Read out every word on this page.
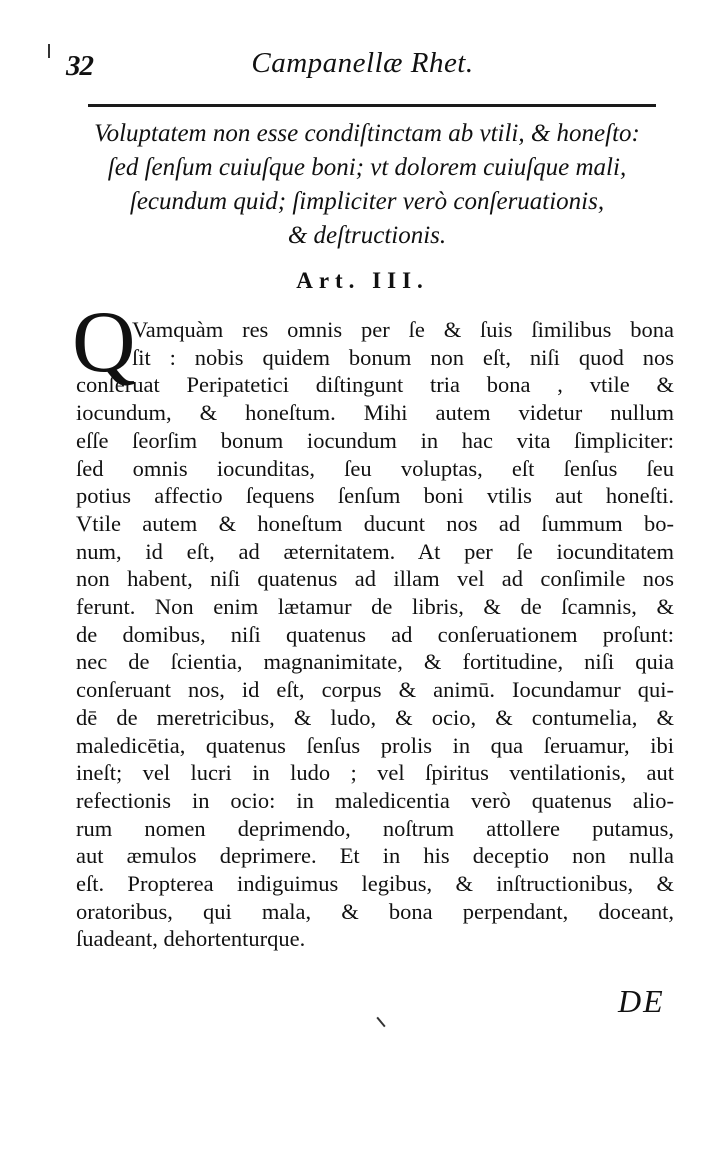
32	Campanellæ Rhet.
Voluptatem non esse condiſtinctam ab vtili, & honeſto:
ſed ſenſum cuiuſque boni; vt dolorem cuiuſque mali,
ſecundum quid; ſimpliciter verò conſeruationis,
& deſtructionis.
Art. III.
Q
Vamquàm res omnis per ſe & ſuis ſimilibus bona
ſit : nobis quidem bonum non eſt, niſi quod nos
conſeruat Peripatetici diſtingunt tria bona , vtile &
iocundum, & honeſtum. Mihi autem videtur nullum
eſſe ſeorſim bonum iocundum in hac vita ſimpliciter:
ſed omnis iocunditas, ſeu voluptas, eſt ſenſus ſeu
potius affectio ſequens ſenſum boni vtilis aut honeſti.
Vtile autem & honeſtum ducunt nos ad ſummum bo-
num, id eſt, ad æternitatem. At per ſe iocunditatem
non habent, niſi quatenus ad illam vel ad conſimile nos
ferunt. Non enim lætamur de libris, & de ſcamnis, &
de domibus, niſi quatenus ad conſeruationem proſunt:
nec de ſcientia, magnanimitate, & fortitudine, niſi quia
conſeruant nos, id eſt, corpus & animū. Iocundamur qui-
dē de meretricibus, & ludo, & ocio, & contumelia, &
maledicētia, quatenus ſenſus prolis in qua ſeruamur, ibi
ineſt; vel lucri in ludo ; vel ſpiritus ventilationis, aut
refectionis in ocio: in maledicentia verò quatenus alio-
rum nomen deprimendo, noſtrum attollere putamus,
aut æmulos deprimere. Et in his deceptio non nulla
eſt. Propterea indiguimus legibus, & inſtructionibus, &
oratoribus, qui mala, & bona perpendant, doceant,
ſuadeant, dehortenturque.
DE
